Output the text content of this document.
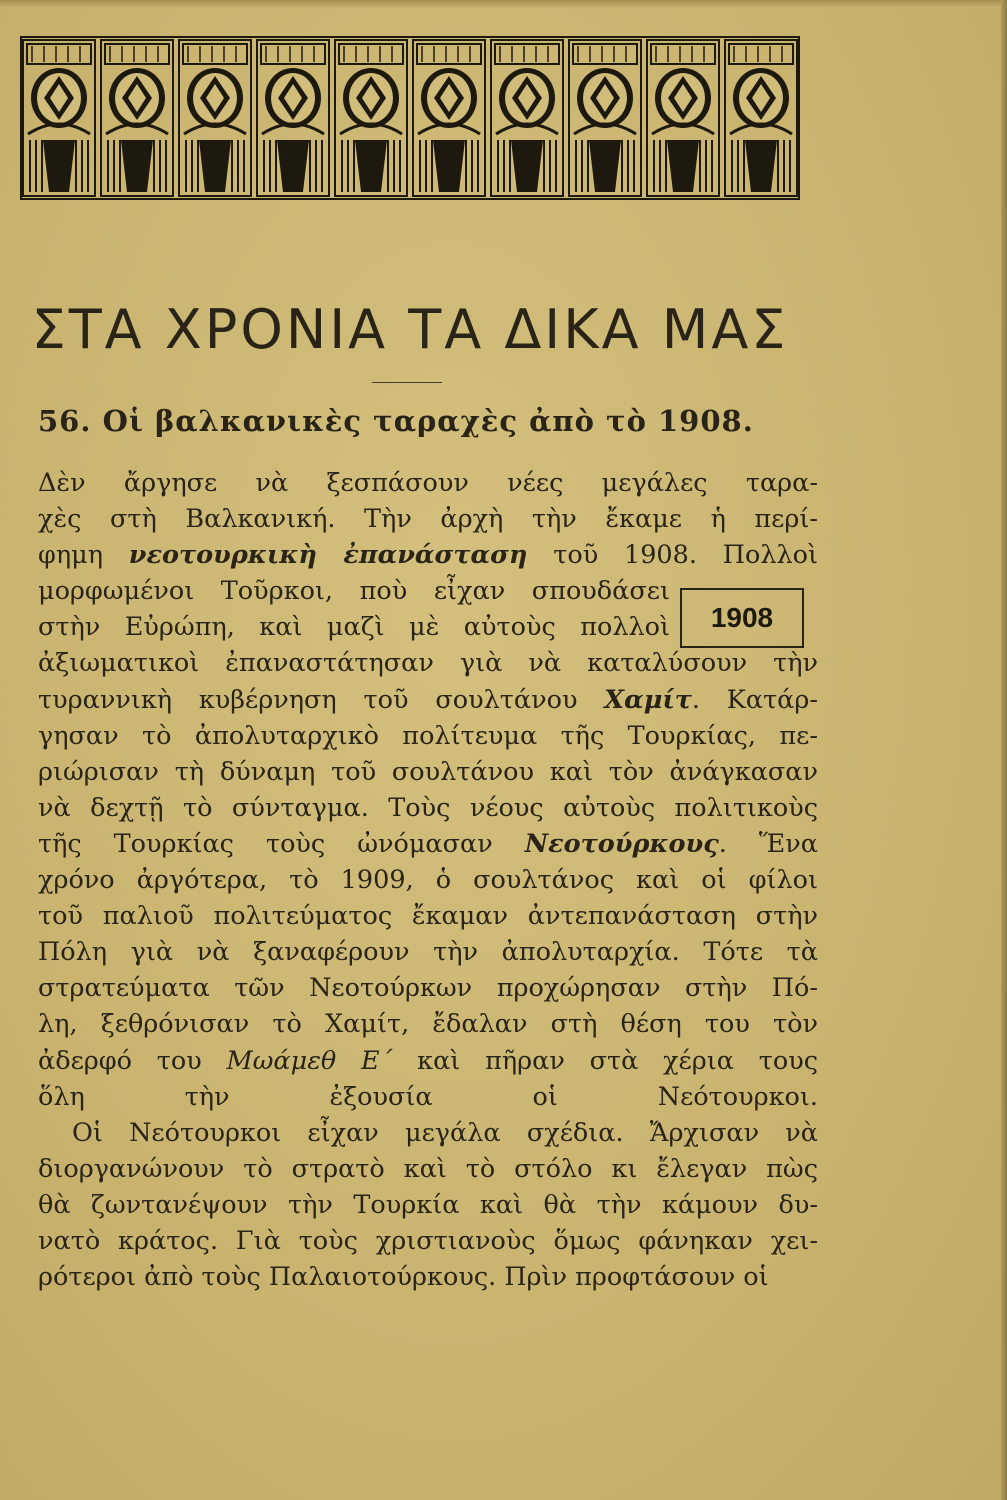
ΣΤΑ ΧΡΟΝΙΑ ΤΑ ΔΙΚΑ ΜΑΣ
56. Οἱ βαλκανικὲς ταραχὲς ἀπὸ τὸ 1908.
Δὲν ἄργησε νὰ ξεσπάσουν νέες μεγάλες ταρα-
χὲς στὴ Βαλκανική. Τὴν ἀρχὴ τὴν ἔκαμε ἡ περί-
φημη νεοτουρκικὴ ἐπανάσταση τοῦ 1908. Πολλοὶ
μορφωμένοι Τοῦρκοι, ποὺ εἶχαν σπουδάσει
στὴν Εὐρώπη, καὶ μαζὶ μὲ αὐτοὺς πολλοὶ
ἀξιωματικοὶ ἐπαναστάτησαν γιὰ νὰ καταλύσουν τὴν
τυραννικὴ κυβέρνηση τοῦ σουλτάνου Χαμίτ. Κατάρ-
γησαν τὸ ἀπολυταρχικὸ πολίτευμα τῆς Τουρκίας, πε-
ριώρισαν τὴ δύναμη τοῦ σουλτάνου καὶ τὸν ἀνάγκασαν
νὰ δεχτῇ τὸ σύνταγμα. Τοὺς νέους αὐτοὺς πολιτικοὺς
τῆς Τουρκίας τοὺς ὠνόμασαν Νεοτούρκους. Ἕνα
χρόνο ἀργότερα, τὸ 1909, ὁ σουλτάνος καὶ οἱ φίλοι
τοῦ παλιοῦ πολιτεύματος ἔκαμαν ἀντεπανάσταση στὴν
Πόλη γιὰ νὰ ξαναφέρουν τὴν ἀπολυταρχία. Τότε τὰ
στρατεύματα τῶν Νεοτούρκων προχώρησαν στὴν Πό-
λη, ξεθρόνισαν τὸ Χαμίτ, ἔδαλαν στὴ θέση του τὸν
ἀδερφό του Μωάμεθ Ε΄ καὶ πῆραν στὰ χέρια τους
ὅλη τὴν ἐξουσία οἱ Νεότουρκοι.
Οἱ Νεότουρκοι εἶχαν μεγάλα σχέδια. Ἄρχισαν νὰ
διοργανώνουν τὸ στρατὸ καὶ τὸ στόλο κι ἔλεγαν πὼς
θὰ ζωντανέψουν τὴν Τουρκία καὶ θὰ τὴν κάμουν δυ-
νατὸ κράτος. Γιὰ τοὺς χριστιανοὺς ὅμως φάνηκαν χει-
ρότεροι ἀπὸ τοὺς Παλαιοτούρκους. Πρὶν προφτάσουν οἱ
1908
